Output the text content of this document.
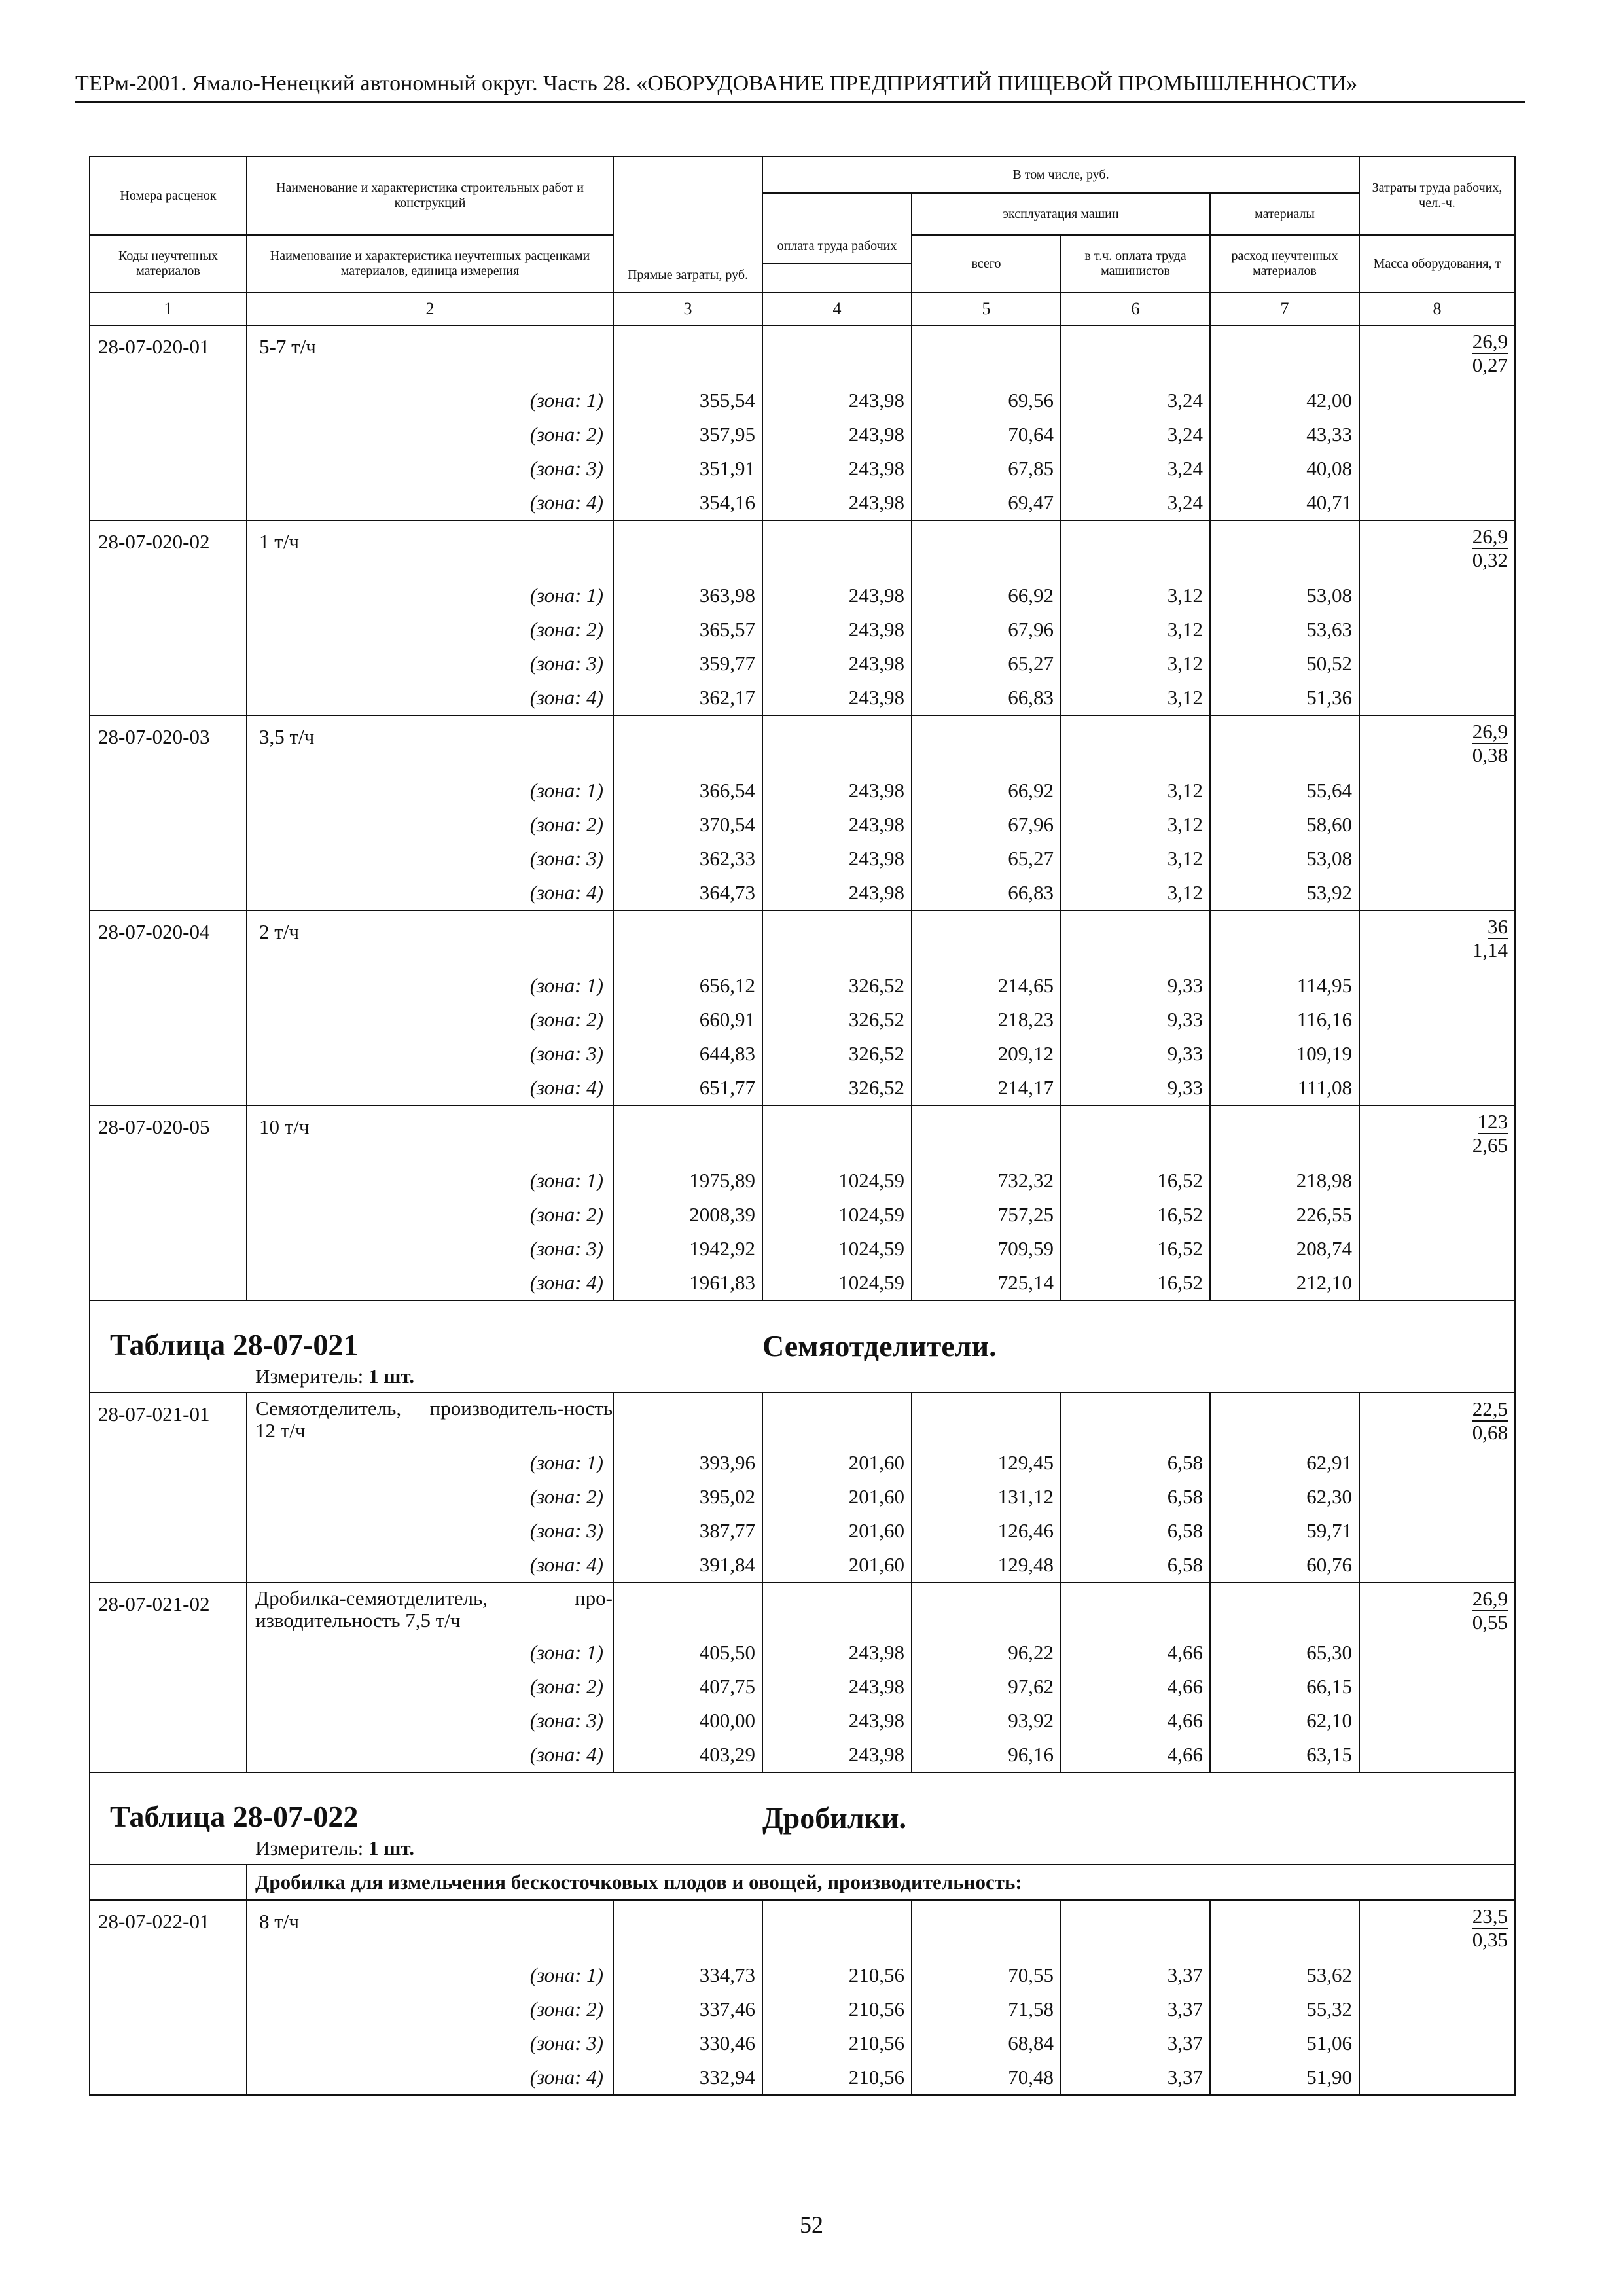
ТЕРм-2001. Ямало-Ненецкий автономный округ. Часть 28. «ОБОРУДОВАНИЕ ПРЕДПРИЯТИЙ ПИЩЕВОЙ ПРОМЫШЛЕННОСТИ»
Номера расценок	Наименование и характеристика строительных работ и конструкций	Прямые затраты, руб.	В том числе, руб.				Затраты труда рабочих, чел.-ч.
			оплата труда рабочих	эксплуатация машин		материалы	

Коды неучтенных материалов	Наименование и характеристика неучтенных расценками материалов, единица измерения			всего	в т.ч. оплата труда машинистов	расход неучтенных материалов	Масса оборудования, т

1	2	3	4	5	6	7	8
28-07-020-01	5-7 т/ч						26,9
0,27

	(зона: 1)	355,54	243,98	69,56	3,24	42,00	
	(зона: 2)	357,95	243,98	70,64	3,24	43,33	
	(зона: 3)	351,91	243,98	67,85	3,24	40,08	
	(зона: 4)	354,16	243,98	69,47	3,24	40,71	
28-07-020-02	1 т/ч						26,9
0,32

	(зона: 1)	363,98	243,98	66,92	3,12	53,08	
	(зона: 2)	365,57	243,98	67,96	3,12	53,63	
	(зона: 3)	359,77	243,98	65,27	3,12	50,52	
	(зона: 4)	362,17	243,98	66,83	3,12	51,36	
28-07-020-03	3,5 т/ч						26,9
0,38

	(зона: 1)	366,54	243,98	66,92	3,12	55,64	
	(зона: 2)	370,54	243,98	67,96	3,12	58,60	
	(зона: 3)	362,33	243,98	65,27	3,12	53,08	
	(зона: 4)	364,73	243,98	66,83	3,12	53,92	
28-07-020-04	2 т/ч						36
1,14

	(зона: 1)	656,12	326,52	214,65	9,33	114,95	
	(зона: 2)	660,91	326,52	218,23	9,33	116,16	
	(зона: 3)	644,83	326,52	209,12	9,33	109,19	
	(зона: 4)	651,77	326,52	214,17	9,33	111,08	
28-07-020-05	10 т/ч						123
2,65

	(зона: 1)	1975,89	1024,59	732,32	16,52	218,98	
	(зона: 2)	2008,39	1024,59	757,25	16,52	226,55	
	(зона: 3)	1942,92	1024,59	709,59	16,52	208,74	
	(зона: 4)	1961,83	1024,59	725,14	16,52	212,10	
Таблица 28-07-021			Семяотделители.				
Измеритель: 1 шт.							
28-07-021-01	Семяотделитель, производитель-ность 12 т/ч						22,5
0,68

	(зона: 1)	393,96	201,60	129,45	6,58	62,91	
	(зона: 2)	395,02	201,60	131,12	6,58	62,30	
	(зона: 3)	387,77	201,60	126,46	6,58	59,71	
	(зона: 4)	391,84	201,60	129,48	6,58	60,76	
28-07-021-02	Дробилка-семяотделитель, про-изводительность 7,5 т/ч						26,9
0,55

	(зона: 1)	405,50	243,98	96,22	4,66	65,30	
	(зона: 2)	407,75	243,98	97,62	4,66	66,15	
	(зона: 3)	400,00	243,98	93,92	4,66	62,10	
	(зона: 4)	403,29	243,98	96,16	4,66	63,15	
Таблица 28-07-022			Дробилки.				
Измеритель: 1 шт.							
	Дробилка для измельчения бескосточковых плодов и овощей, производительность:						
28-07-022-01	8 т/ч						23,5
0,35

	(зона: 1)	334,73	210,56	70,55	3,37	53,62	
	(зона: 2)	337,46	210,56	71,58	3,37	55,32	
	(зона: 3)	330,46	210,56	68,84	3,37	51,06	
	(зона: 4)	332,94	210,56	70,48	3,37	51,90	
52
